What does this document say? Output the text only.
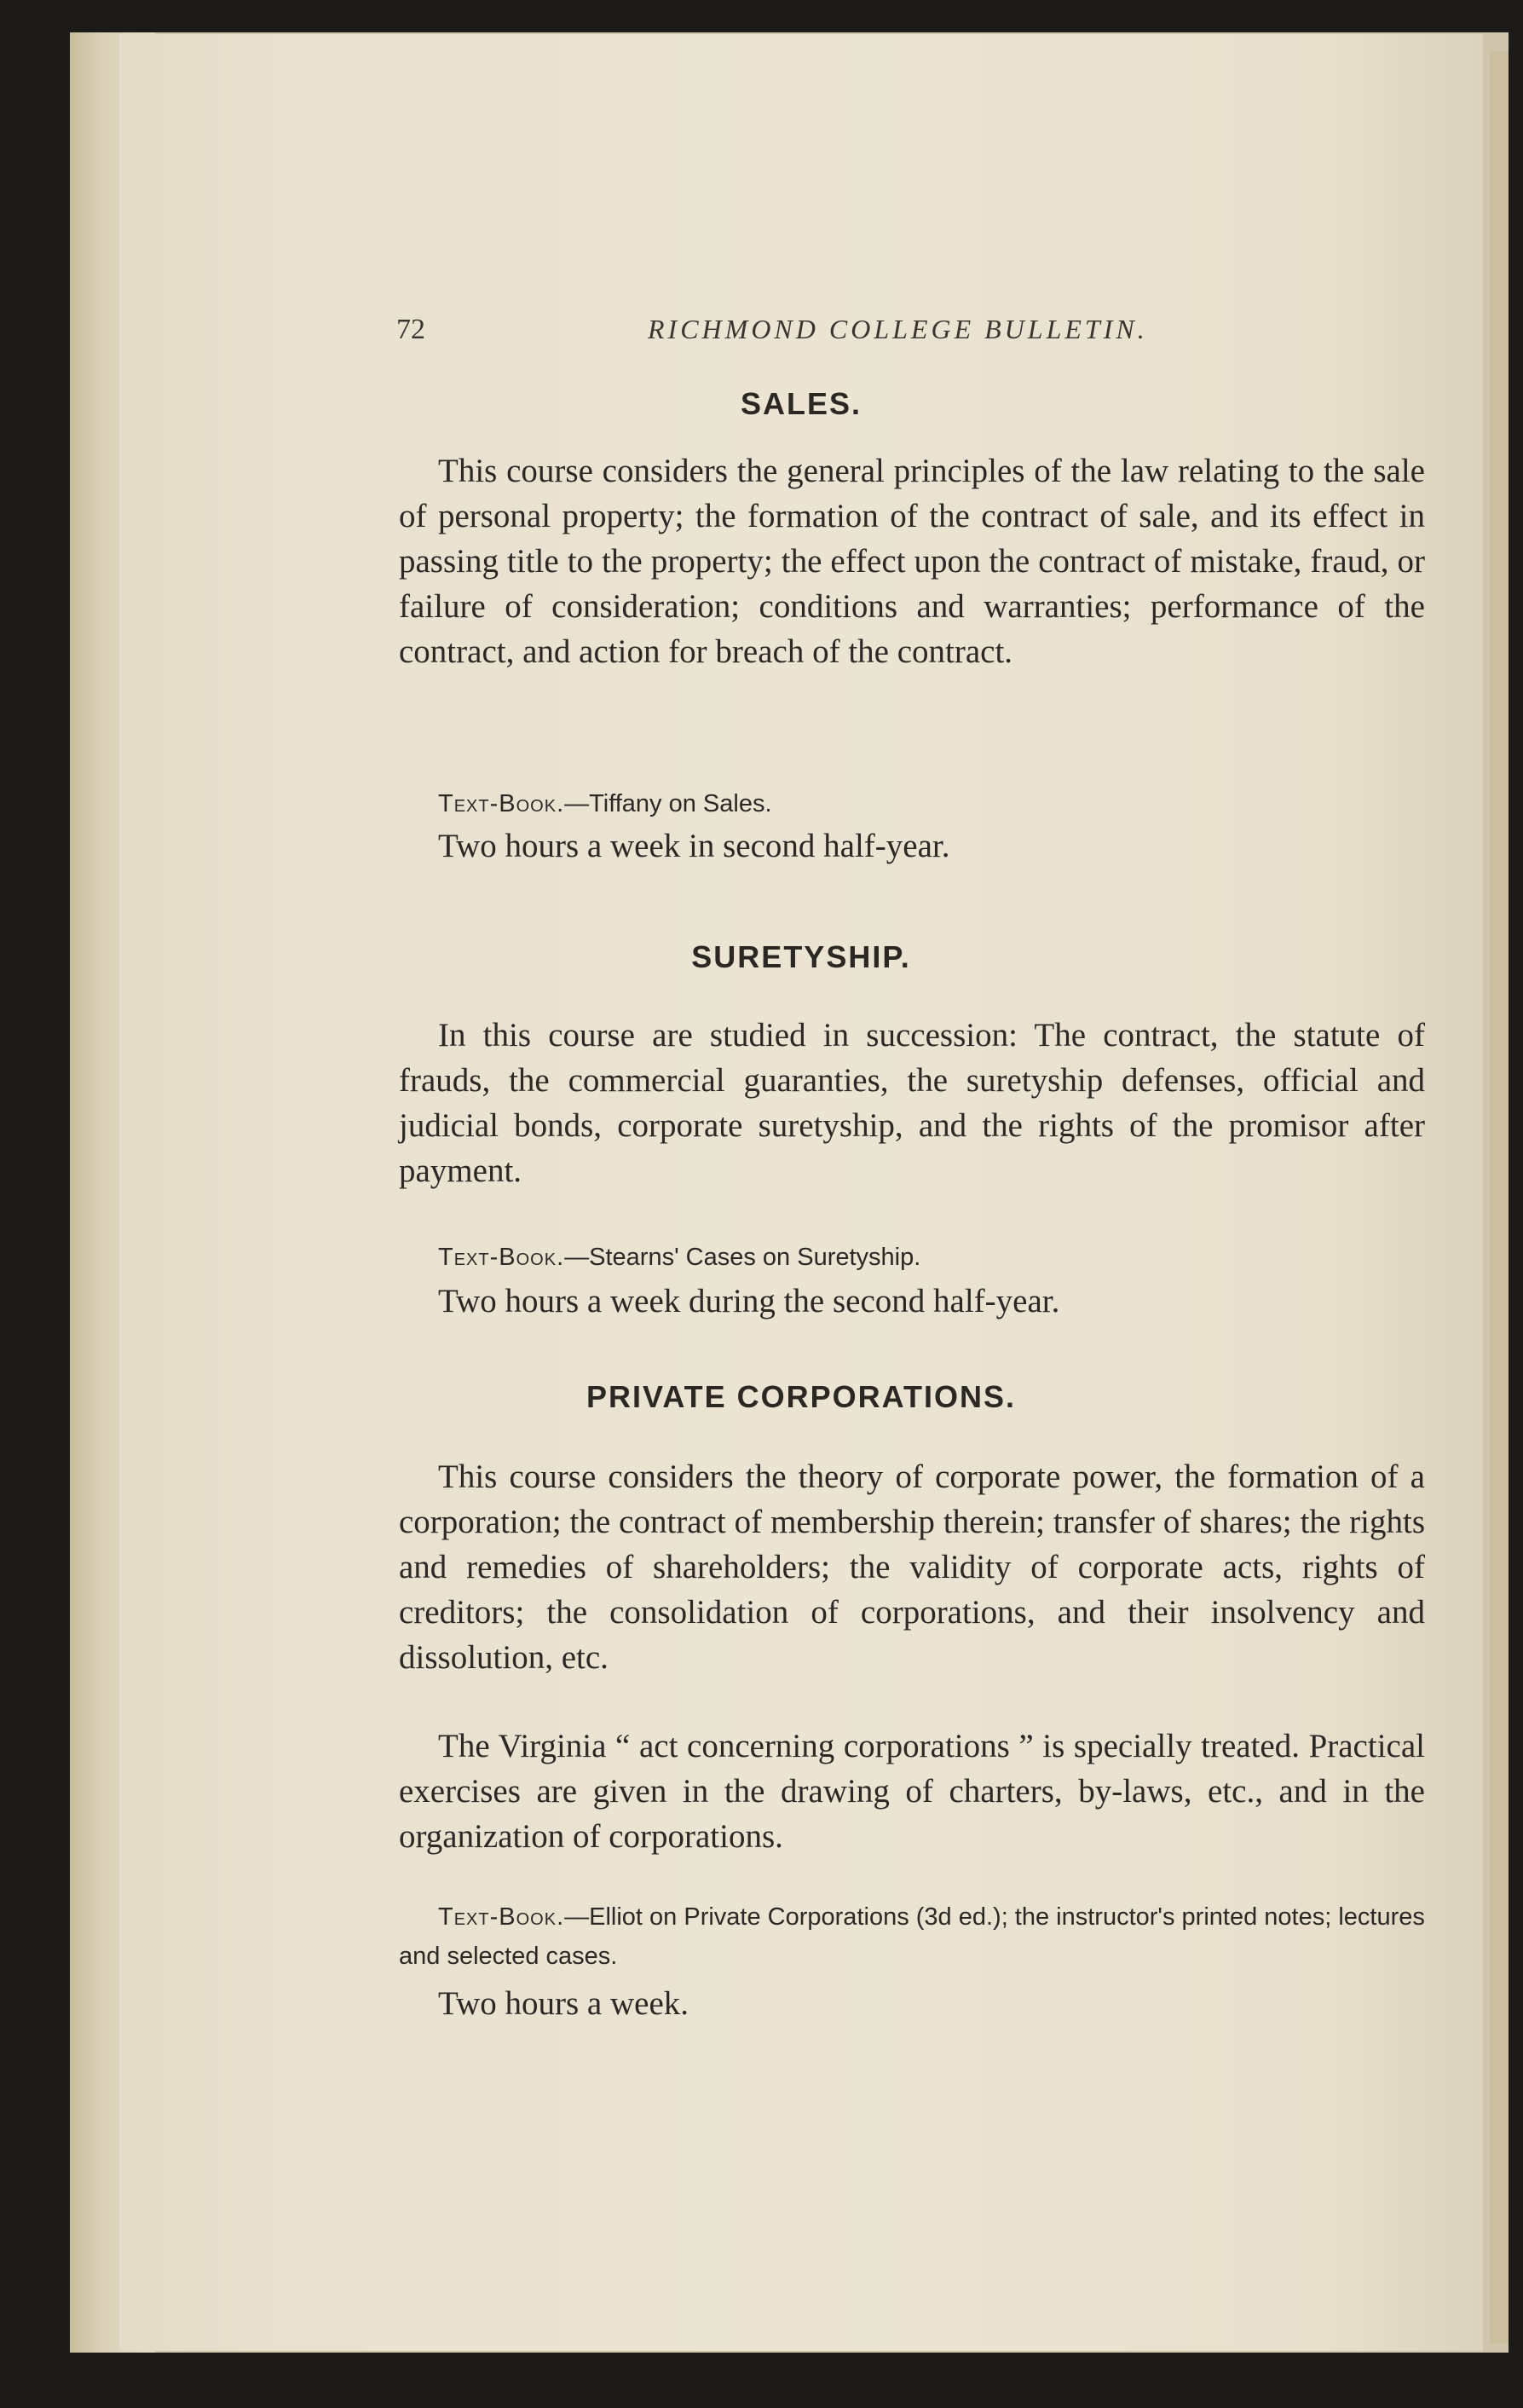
72	RICHMOND COLLEGE BULLETIN.
SALES.

This course considers the general principles of the law relating to the sale of personal property; the formation of the contract of sale, and its effect in passing title to the property; the effect upon the contract of mistake, fraud, or failure of consideration; conditions and warranties; performance of the contract, and action for breach of the contract.

Text-Book.—Tiffany on Sales.
Two hours a week in second half-year.
SURETYSHIP.

In this course are studied in succession: The contract, the statute of frauds, the commercial guaranties, the suretyship defenses, official and judicial bonds, corporate suretyship, and the rights of the promisor after payment.

Text-Book.—Stearns' Cases on Suretyship.
Two hours a week during the second half-year.
PRIVATE CORPORATIONS.

This course considers the theory of corporate power, the formation of a corporation; the contract of membership therein; transfer of shares; the rights and remedies of shareholders; the validity of corporate acts, rights of creditors; the consolidation of corporations, and their insolvency and dissolution, etc.

The Virginia “ act concerning corporations ” is specially treated. Practical exercises are given in the drawing of charters, by-laws, etc., and in the organization of corporations.

Text-Book.—Elliot on Private Corporations (3d ed.); the instructor's printed notes; lectures and selected cases.
Two hours a week.
